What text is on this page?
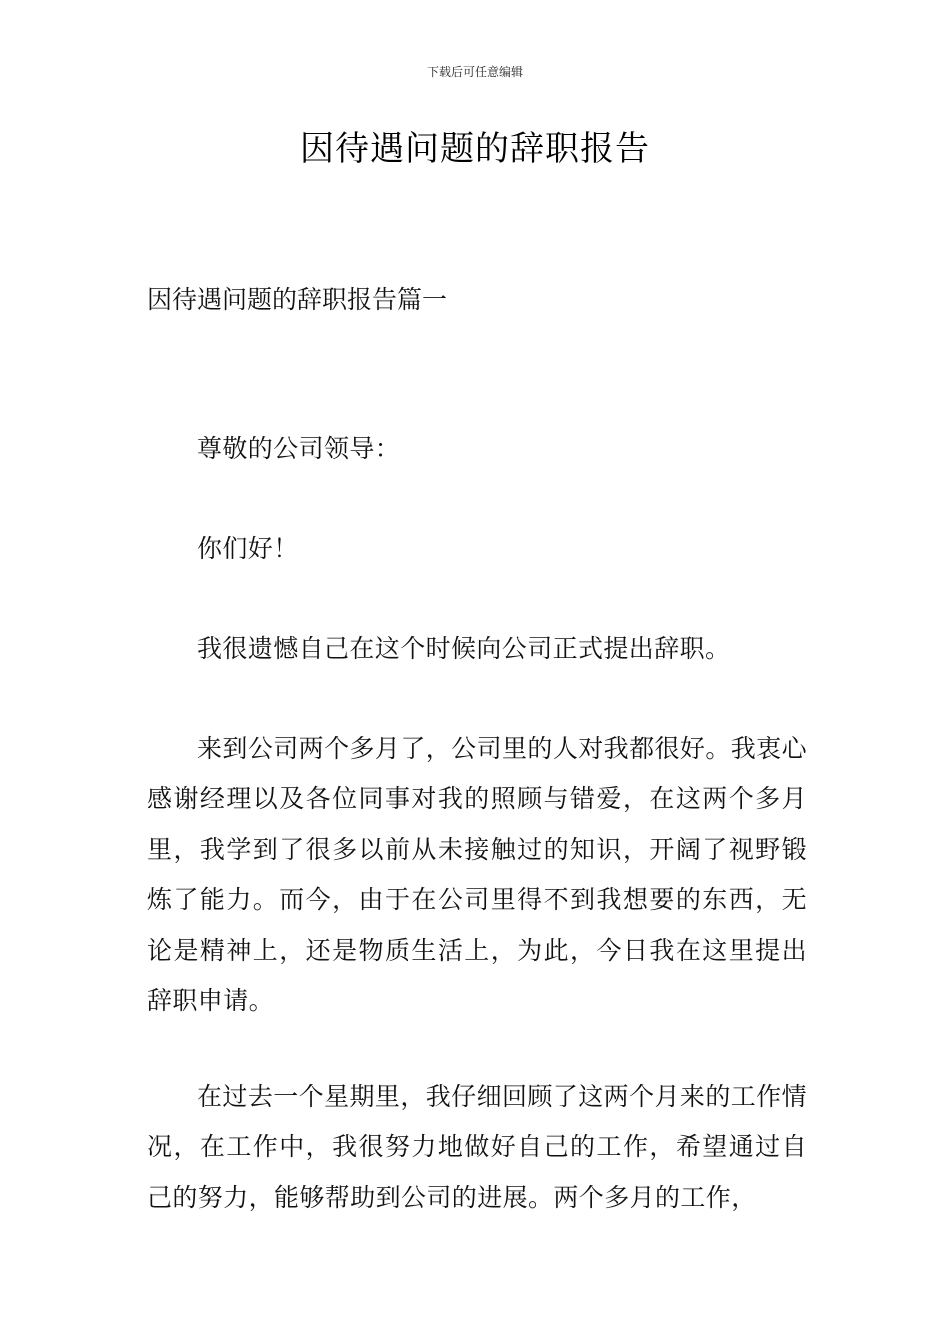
下载后可任意编辑
因待遇问题的辞职报告
因待遇问题的辞职报告篇一

尊敬的公司领导：

你们好！

我很遗憾自己在这个时候向公司正式提出辞职。

来到公司两个多月了，公司里的人对我都很好。我衷心感谢经理以及各位同事对我的照顾与错爱，在这两个多月里，我学到了很多以前从未接触过的知识，开阔了视野锻炼了能力。而今，由于在公司里得不到我想要的东西，无论是精神上，还是物质生活上，为此，今日我在这里提出辞职申请。

在过去一个星期里，我仔细回顾了这两个月来的工作情况，在工作中，我很努力地做好自己的工作，希望通过自己的努力，能够帮助到公司的进展。两个多月的工作，
